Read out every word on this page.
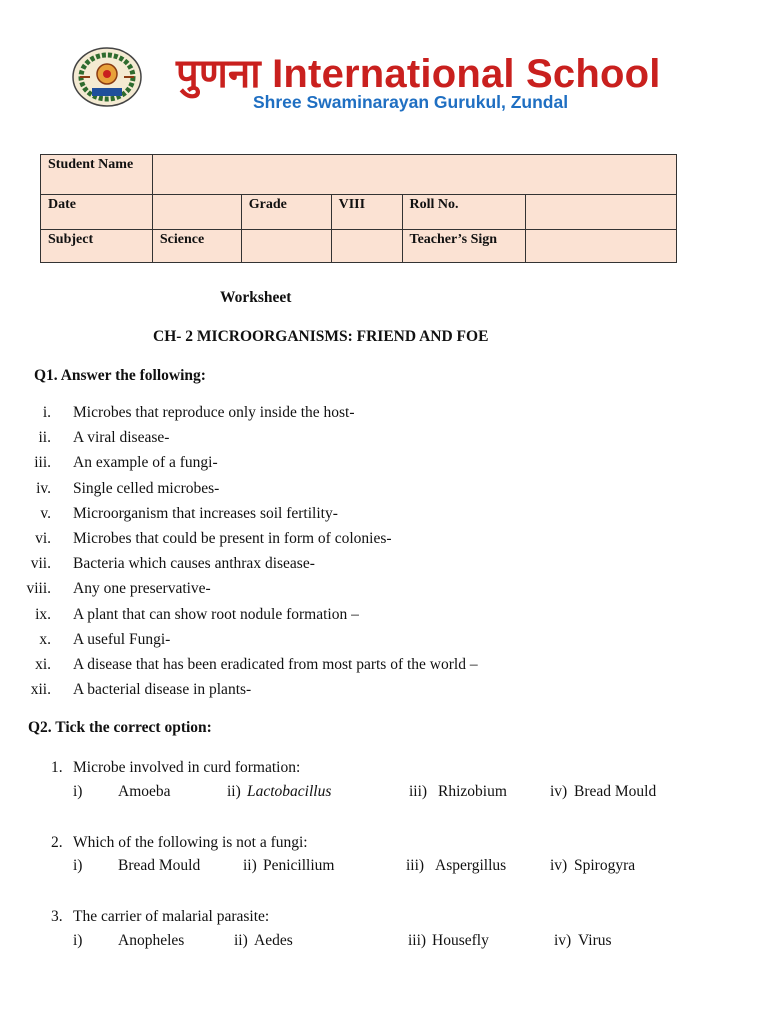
पुणना International School
Shree Swaminarayan Gurukul, Zundal
Student Name					
Date		Grade	VIII	Roll No.	
Subject	Science			Teacher’s Sign	
Worksheet
CH- 2 MICROORGANISMS: FRIEND AND FOE
Q1. Answer the following:
i. Microbes that reproduce only inside the host-
ii. A viral disease-
iii. An example of a fungi-
iv. Single celled microbes-
v. Microorganism that increases soil fertility-
vi. Microbes that could be present in form of colonies-
vii. Bacteria which causes anthrax disease-
viii. Any one preservative-
ix. A plant that can show root nodule formation –
x. A useful Fungi-
xi. A disease that has been eradicated from most parts of the world –
xii. A bacterial disease in plants-
Q2. Tick the correct option:
1. Microbe involved in curd formation:
i) Amoeba	ii) Lactobacillus	iii) Rhizobium	iv) Bread Mould
2. Which of the following is not a fungi:
i) Bread Mould	ii) Penicillium	iii) Aspergillus	iv) Spirogyra
3. The carrier of malarial parasite:
i) Anopheles	ii) Aedes	iii) Housefly	iv) Virus
